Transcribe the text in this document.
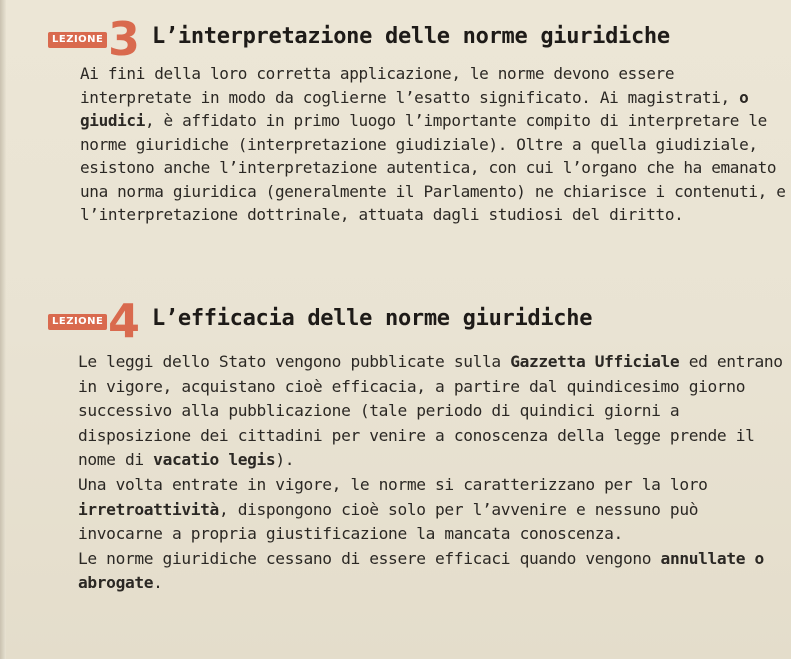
LEZIONE 3 L’interpretazione delle norme giuridiche

Ai fini della loro corretta applicazione, le norme devono essere interpretate in modo da coglierne l’esatto significato. Ai magistrati, o giudici, è affidato in primo luogo l’importante compito di interpretare le norme giuridiche (interpretazione giudiziale). Oltre a quella giudiziale, esistono anche l’interpretazione autentica, con cui l’organo che ha emanato una norma giuridica (generalmente il Parlamento) ne chiarisce i contenuti, e l’interpretazione dottrinale, attuata dagli studiosi del diritto.

LEZIONE 4 L’efficacia delle norme giuridiche

Le leggi dello Stato vengono pubblicate sulla Gazzetta Ufficiale ed entrano in vigore, acquistano cioè efficacia, a partire dal quindicesimo giorno successivo alla pubblicazione (tale periodo di quindici giorni a disposizione dei cittadini per venire a conoscenza della legge prende il nome di vacatio legis).
Una volta entrate in vigore, le norme si caratterizzano per la loro irretroattività, dispongono cioè solo per l’avvenire e nessuno può invocarne a propria giustificazione la mancata conoscenza.
Le norme giuridiche cessano di essere efficaci quando vengono annullate o abrogate.
